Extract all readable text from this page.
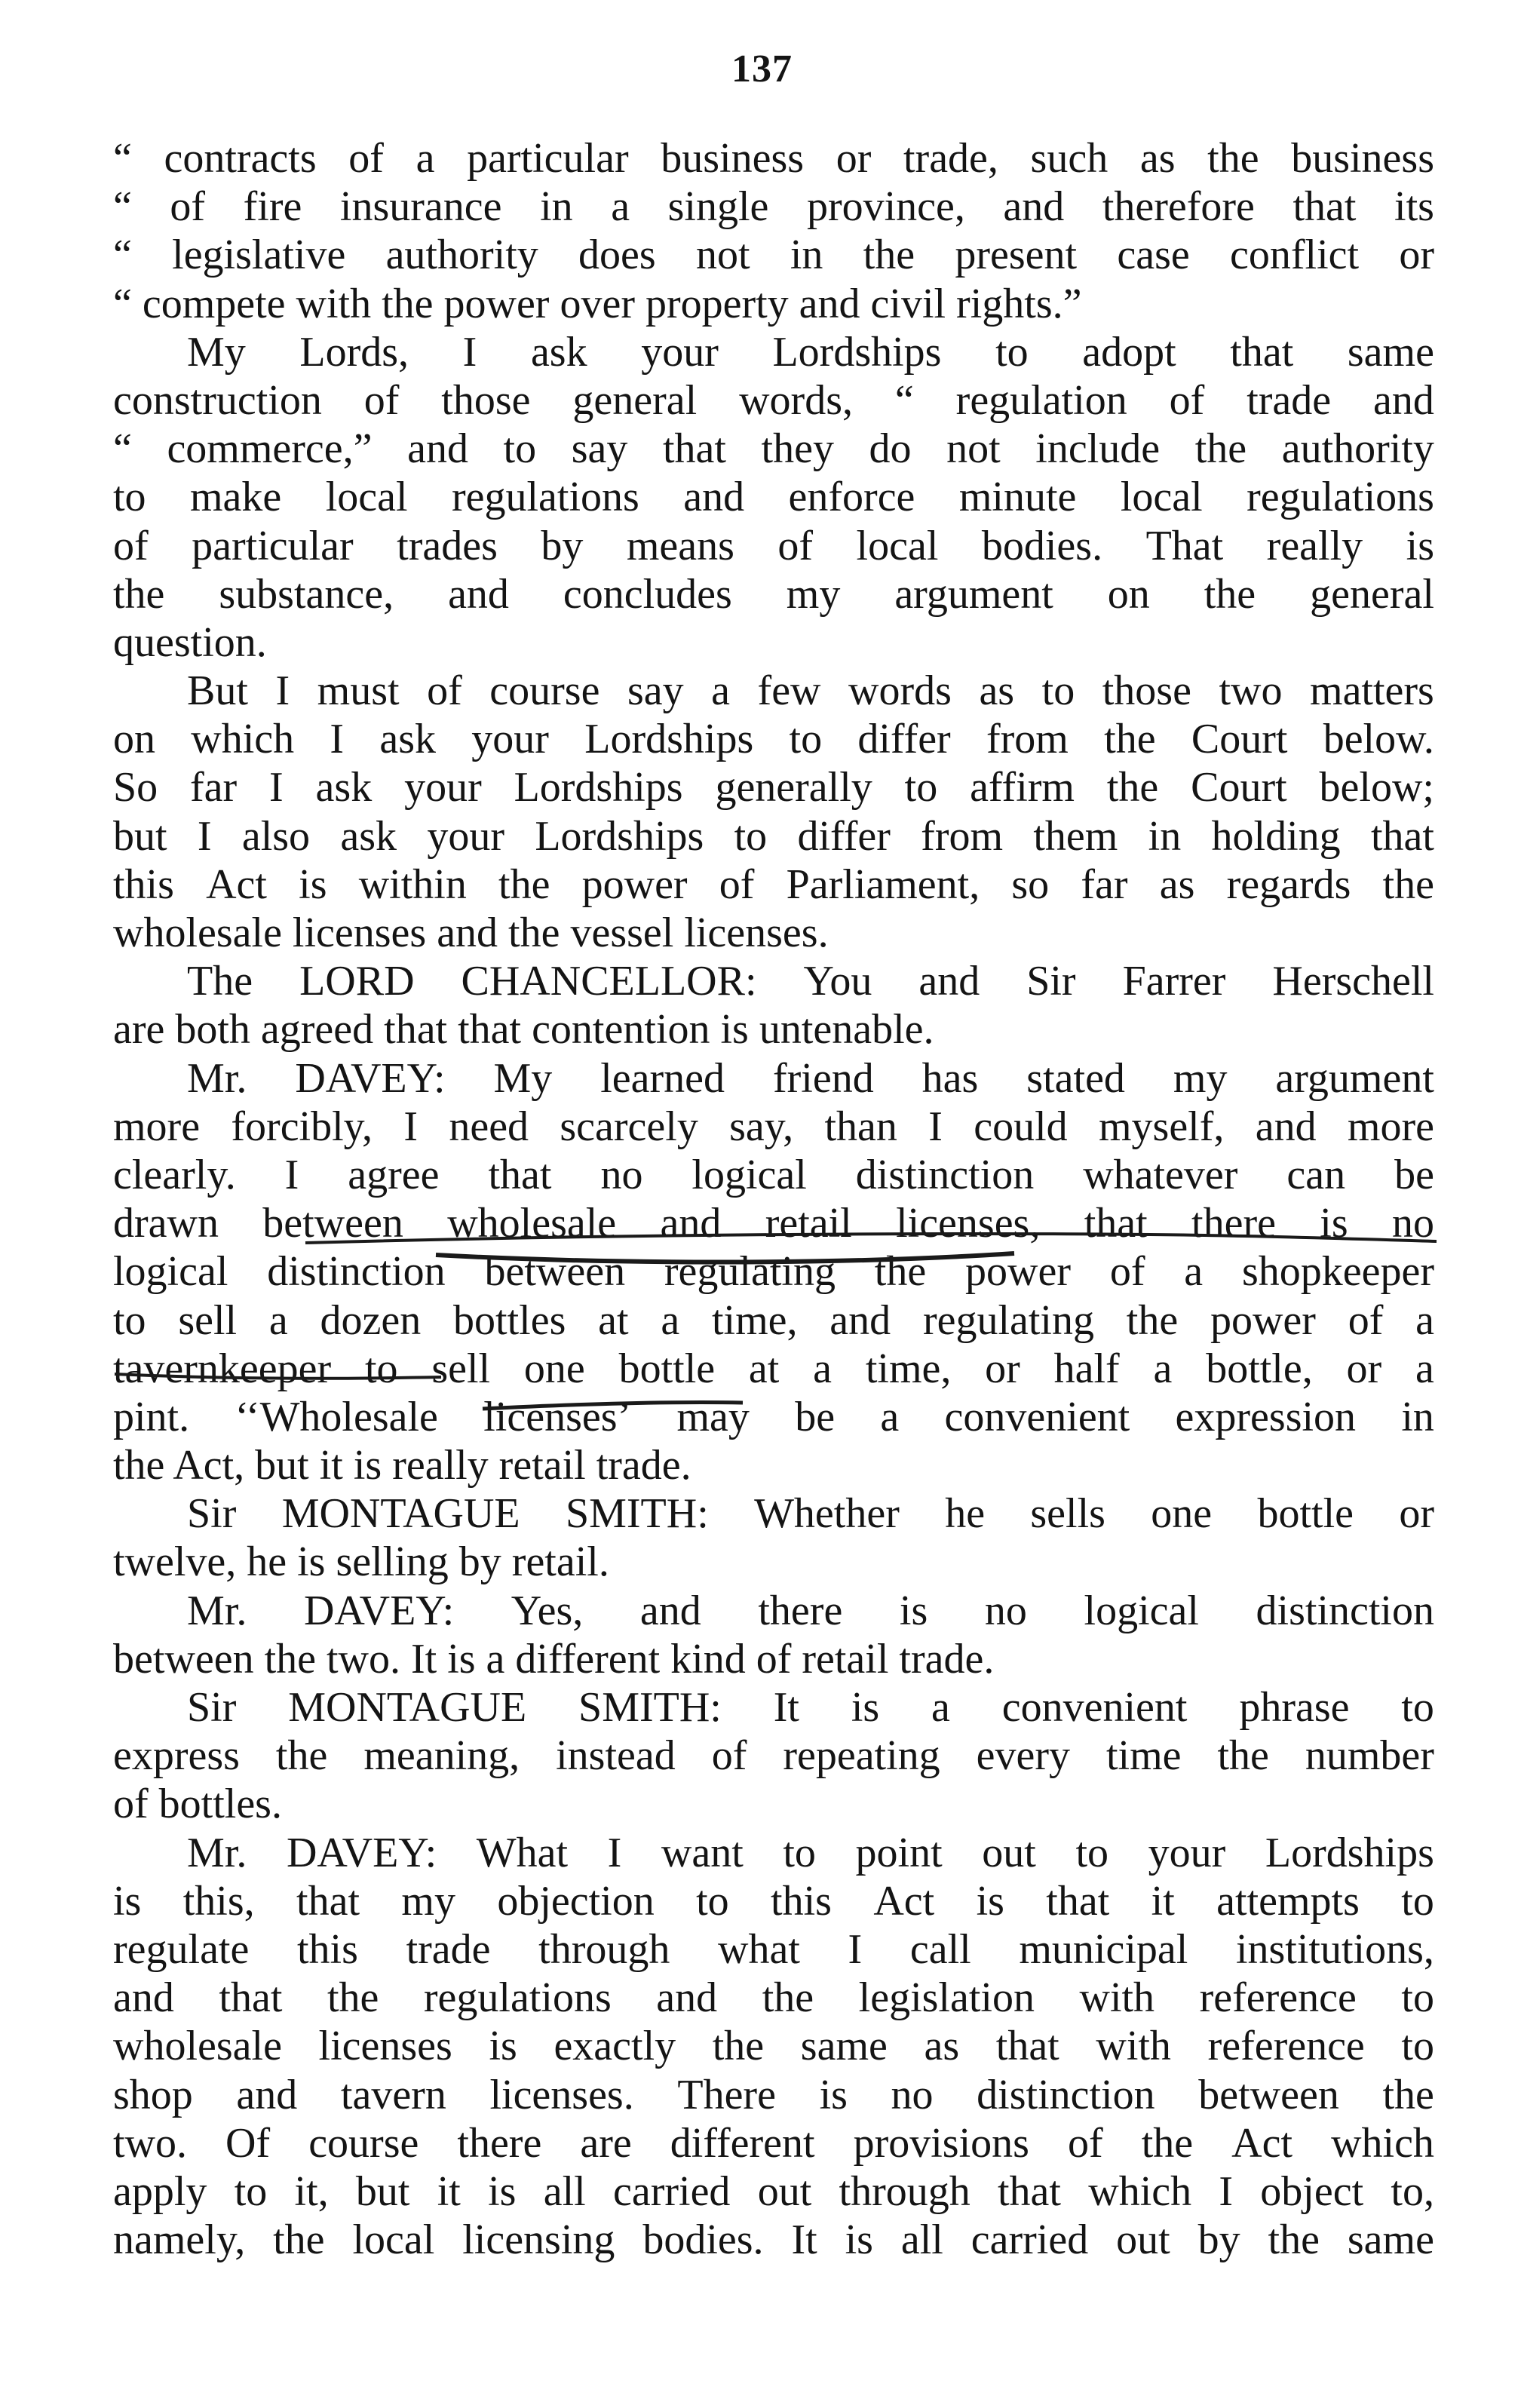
137
“ contracts of a particular business or trade, such as the business
“ of fire insurance in a single province, and therefore that its
“ legislative authority does not in the present case conflict or
“ compete with the power over property and civil rights.”
My Lords, I ask your Lordships to adopt that same
construction of those general words, “ regulation of trade and
“ commerce,” and to say that they do not include the authority
to make local regulations and enforce minute local regulations
of particular trades by means of local bodies. That really is
the substance, and concludes my argument on the general
question.
But I must of course say a few words as to those two matters
on which I ask your Lordships to differ from the Court below.
So far I ask your Lordships generally to affirm the Court below;
but I also ask your Lordships to differ from them in holding that
this Act is within the power of Parliament, so far as regards the
wholesale licenses and the vessel licenses.
The LORD CHANCELLOR: You and Sir Farrer Herschell
are both agreed that that contention is untenable.
Mr. DAVEY: My learned friend has stated my argument
more forcibly, I need scarcely say, than I could myself, and more
clearly. I agree that no logical distinction whatever can be
drawn between wholesale and retail licenses, that there is no
logical distinction between regulating the power of a shopkeeper
to sell a dozen bottles at a time, and regulating the power of a
tavernkeeper to sell one bottle at a time, or half a bottle, or a
pint. ‘‘Wholesale licenses’ may be a convenient expression in
the Act, but it is really retail trade.
Sir MONTAGUE SMITH: Whether he sells one bottle or
twelve, he is selling by retail.
Mr. DAVEY: Yes, and there is no logical distinction
between the two. It is a different kind of retail trade.
Sir MONTAGUE SMITH: It is a convenient phrase to
express the meaning, instead of repeating every time the number
of bottles.
Mr. DAVEY: What I want to point out to your Lordships
is this, that my objection to this Act is that it attempts to
regulate this trade through what I call municipal institutions,
and that the regulations and the legislation with reference to
wholesale licenses is exactly the same as that with reference to
shop and tavern licenses. There is no distinction between the
two. Of course there are different provisions of the Act which
apply to it, but it is all carried out through that which I object to,
namely, the local licensing bodies. It is all carried out by the same
